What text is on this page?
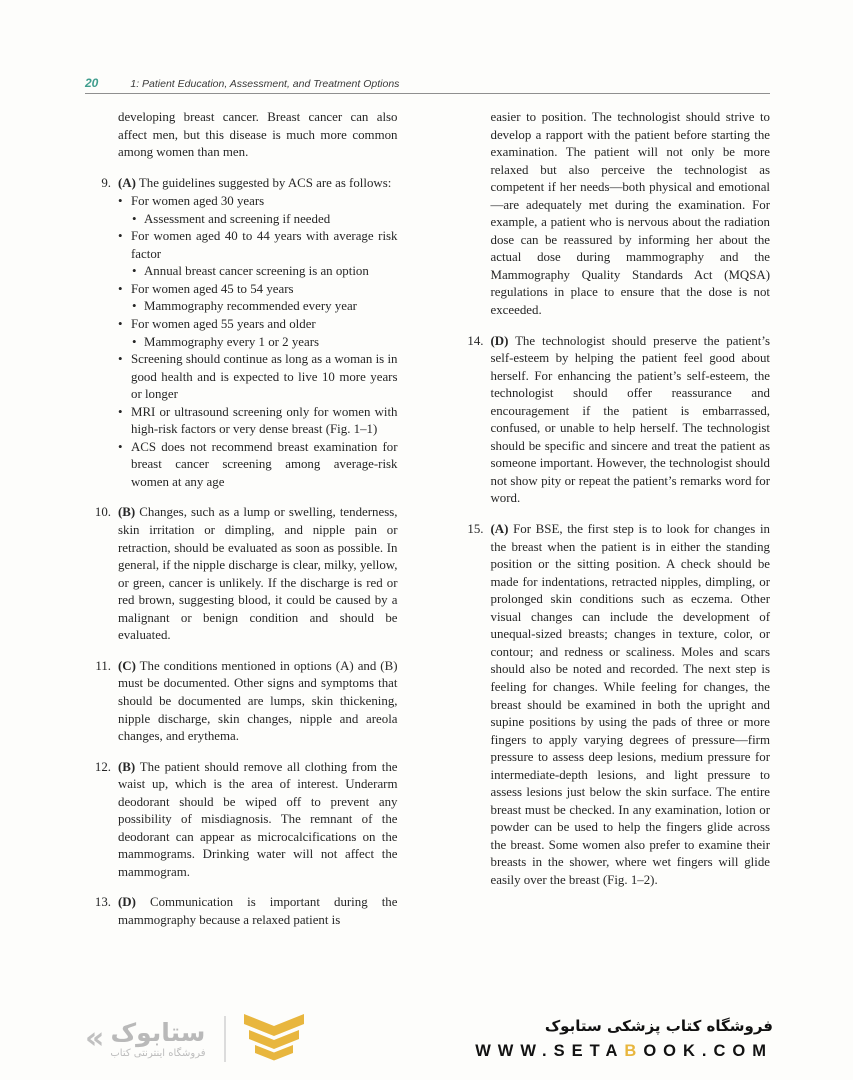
20	1: Patient Education, Assessment, and Treatment Options

developing breast cancer. Breast cancer can also affect men, but this disease is much more common among women than men.

9. (A) The guidelines suggested by ACS are as follows:

• For women aged 30 years
• Assessment and screening if needed
• For women aged 40 to 44 years with average risk factor
• Annual breast cancer screening is an option
• For women aged 45 to 54 years
• Mammography recommended every year
• For women aged 55 years and older
• Mammography every 1 or 2 years
• Screening should continue as long as a woman is in good health and is expected to live 10 more years or longer
• MRI or ultrasound screening only for women with high-risk factors or very dense breast (Fig. 1–1)
• ACS does not recommend breast examination for breast cancer screening among average-risk women at any age
10. (B) Changes, such as a lump or swelling, tenderness, skin irritation or dimpling, and nipple pain or retraction, should be evaluated as soon as possible. In general, if the nipple discharge is clear, milky, yellow, or green, cancer is unlikely. If the discharge is red or red brown, suggesting blood, it could be caused by a malignant or benign condition and should be evaluated.

11. (C) The conditions mentioned in options (A) and (B) must be documented. Other signs and symptoms that should be documented are lumps, skin thickening, nipple discharge, skin changes, nipple and areola changes, and erythema.

12. (B) The patient should remove all clothing from the waist up, which is the area of interest. Underarm deodorant should be wiped off to prevent any possibility of misdiagnosis. The remnant of the deodorant can appear as microcalcifications on the mammograms. Drinking water will not affect the mammogram.

13. (D) Communication is important during the mammography because a relaxed patient is

easier to position. The technologist should strive to develop a rapport with the patient before starting the examination. The patient will not only be more relaxed but also perceive the technologist as competent if her needs—both physical and emotional—are adequately met during the examination. For example, a patient who is nervous about the radiation dose can be reassured by informing her about the actual dose during mammography and the Mammography Quality Standards Act (MQSA) regulations in place to ensure that the dose is not exceeded.

14. (D) The technologist should preserve the patient’s self-esteem by helping the patient feel good about herself. For enhancing the patient’s self-esteem, the technologist should offer reassurance and encouragement if the patient is embarrassed, confused, or unable to help herself. The technologist should be specific and sincere and treat the patient as someone important. However, the technologist should not show pity or repeat the patient’s remarks word for word.

15. (A) For BSE, the first step is to look for changes in the breast when the patient is in either the standing position or the sitting position. A check should be made for indentations, retracted nipples, dimpling, or prolonged skin conditions such as eczema. Other visual changes can include the development of unequal-sized breasts; changes in texture, color, or contour; and redness or scaliness. Moles and scars should also be noted and recorded. The next step is feeling for changes. While feeling for changes, the breast should be examined in both the upright and supine positions by using the pads of three or more fingers to apply varying degrees of pressure—firm pressure to assess deep lesions, medium pressure for intermediate-depth lesions, and light pressure to assess lesions just below the skin surface. The entire breast must be checked. In any examination, lotion or powder can be used to help the fingers glide across the breast. Some women also prefer to examine their breasts in the shower, where wet fingers will glide easily over the breast (Fig. 1–2).

« ستابوک
فروشگاه اینترنتی کتاب
فروشگاه کتاب پزشکی ستابوک
WWW.SETABOOK.COM
